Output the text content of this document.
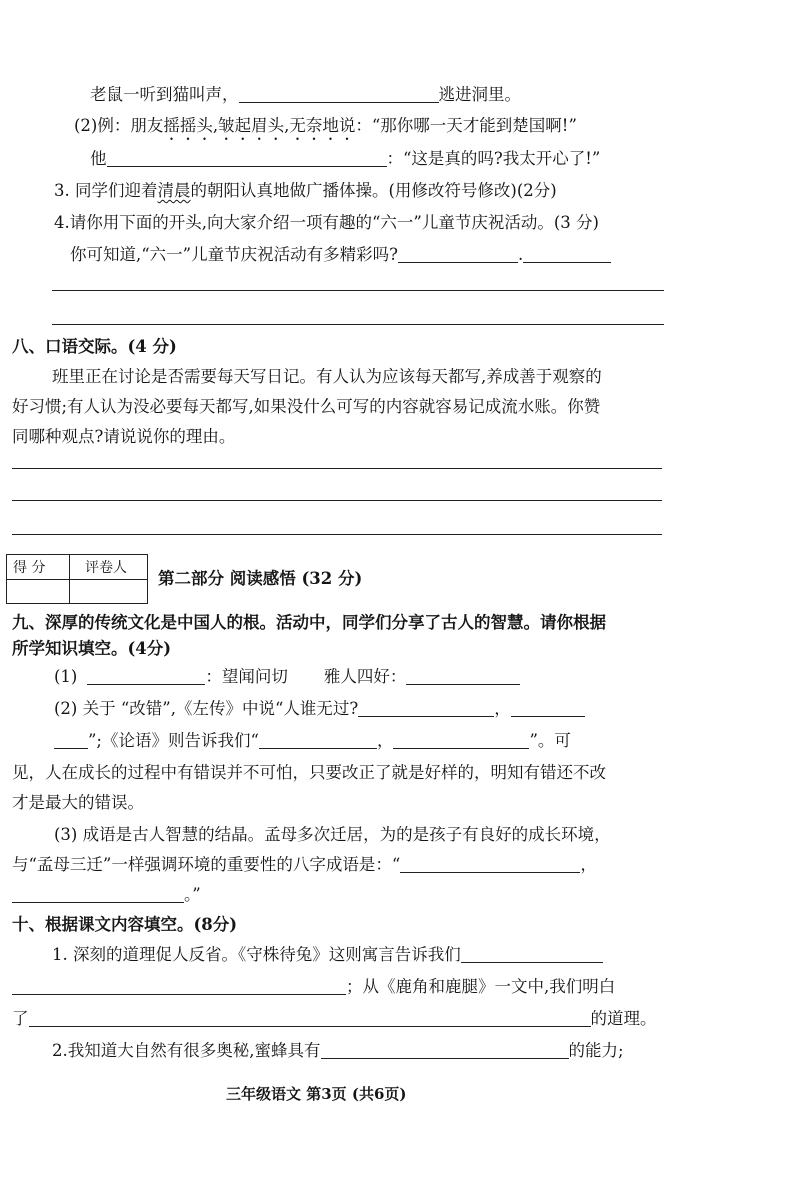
老鼠一听到猫叫声，	逃进洞里。
(2)例：朋友摇摇头,皱起眉头,无奈地说：“那你哪一天才能到楚国啊!”
他	：“这是真的吗?我太开心了!”
3. 同学们迎着清晨的朝阳认真地做广播体操。(用修改符号修改)(2分)
4.请你用下面的开头,向大家介绍一项有趣的“六一”儿童节庆祝活动。(3 分)
你可知道,“六一”儿童节庆祝活动有多精彩吗?	.
八、口语交际。(4 分)
班里正在讨论是否需要每天写日记。有人认为应该每天都写,养成善于观察的
好习惯;有人认为没必要每天都写,如果没什么可写的内容就容易记成流水账。你赞
同哪种观点?请说说你的理由。
得 分	评卷人
第二部分 阅读感悟 (32 分)
九、深厚的传统文化是中国人的根。活动中，同学们分享了古人的智慧。请你根据
所学知识填空。(4分)
(1)	：望闻问切 雅人四好：
(2) 关于 “改错”,《左传》中说“人谁无过?	，
”;《论语》则告诉我们“	，	”。可
见，人在成长的过程中有错误并不可怕，只要改正了就是好样的，明知有错还不改
才是最大的错误。
(3) 成语是古人智慧的结晶。孟母多次迁居，为的是孩子有良好的成长环境，
与“孟母三迁”一样强调环境的重要性的八字成语是：“	，
。”
十、根据课文内容填空。(8分)
1. 深刻的道理促人反省。《守株待兔》这则寓言告诉我们
；从《鹿角和鹿腿》一文中,我们明白
了	的道理。
2.我知道大自然有很多奥秘,蜜蜂具有	的能力;
三年级语文 第3页 (共6页)
